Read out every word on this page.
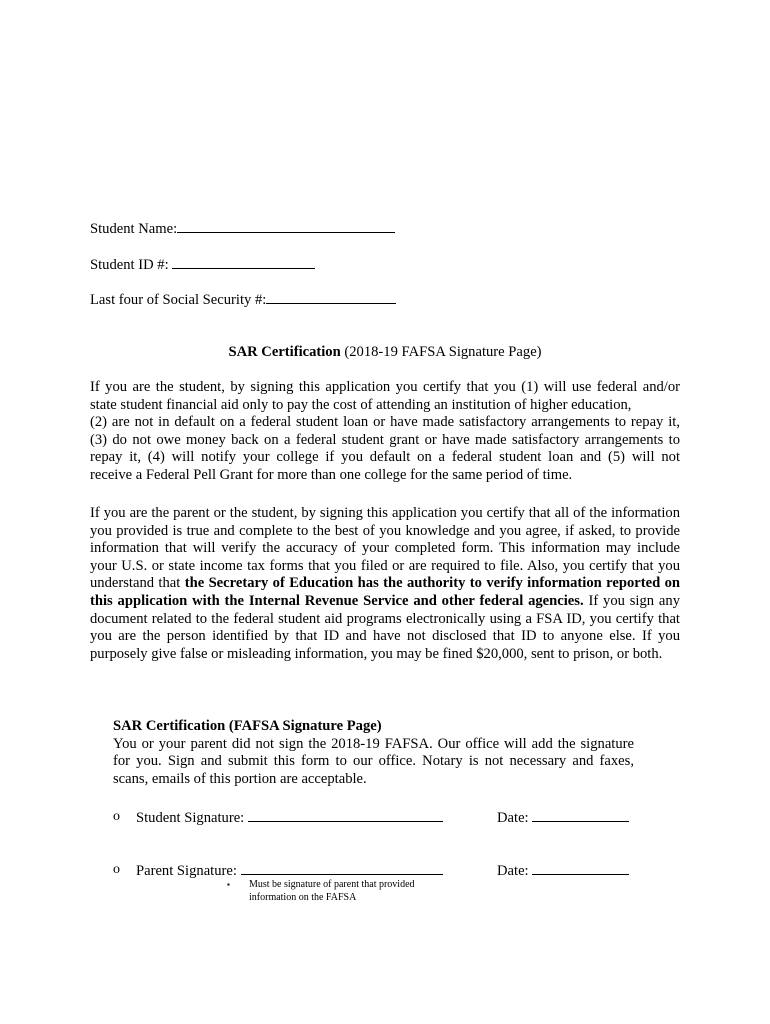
Student Name:
Student ID #:
Last four of Social Security #:
SAR Certification (2018-19 FAFSA Signature Page)
If you are the student, by signing this application you certify that you (1) will use federal and/or
state student financial aid only to pay the cost of attending an institution of higher education,
(2) are not in default on a federal student loan or have made satisfactory arrangements to repay it,
(3) do not owe money back on a federal student grant or have made satisfactory arrangements to
repay it, (4) will notify your college if you default on a federal student loan and (5) will not
receive a Federal Pell Grant for more than one college for the same period of time.
If you are the parent or the student, by signing this application you certify that all of the information you provided is true and complete to the best of you knowledge and you agree, if asked, to provide information that will verify the accuracy of your completed form. This information may include your U.S. or state income tax forms that you filed or are required to file. Also, you certify that you understand that the Secretary of Education has the authority to verify information reported on this application with the Internal Revenue Service and other federal agencies. If you sign any document related to the federal student aid programs electronically using a FSA ID, you certify that you are the person identified by that ID and have not disclosed that ID to anyone else. If you purposely give false or misleading information, you may be fined $20,000, sent to prison, or both.
SAR Certification (FAFSA Signature Page)
You or your parent did not sign the 2018-19 FAFSA. Our office will add the signature for you. Sign and submit this form to our office. Notary is not necessary and faxes, scans, emails of this portion are acceptable.
o Student Signature:	Date:
o Parent Signature:	Date:
▪ Must be signature of parent that provided
information on the FAFSA
